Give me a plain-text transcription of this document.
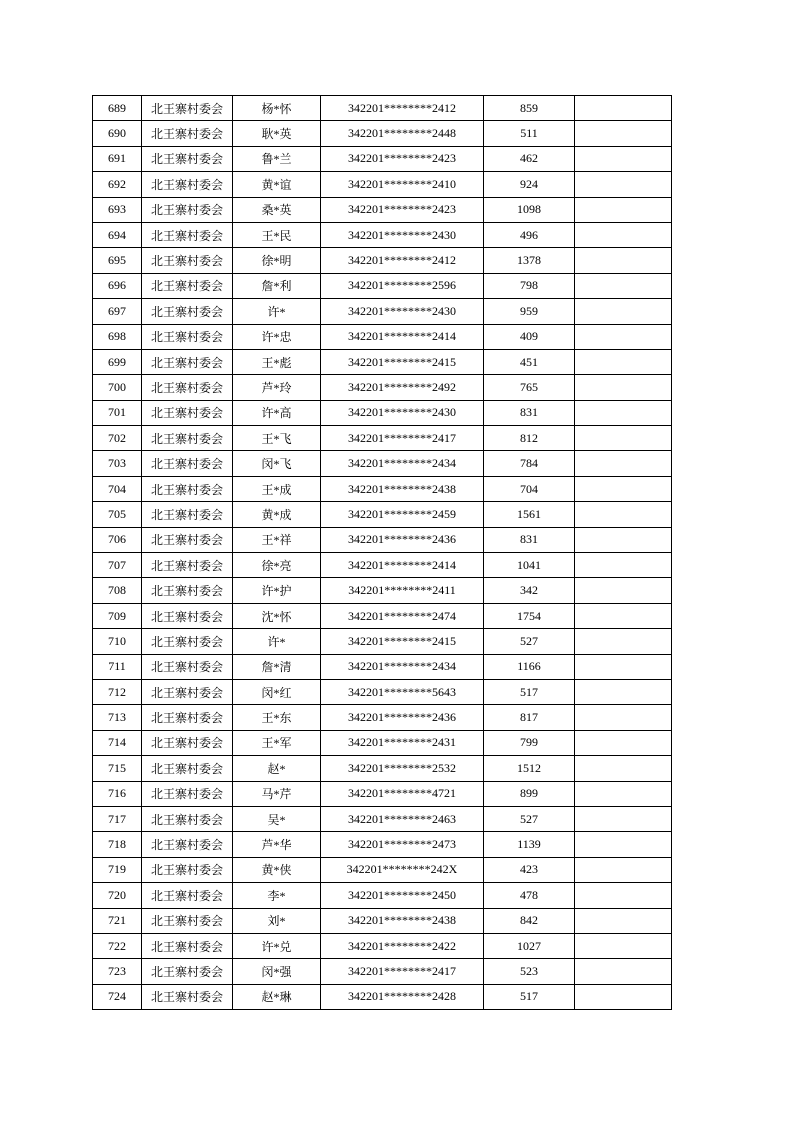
689	北王寨村委会	杨*怀	342201********2412	859	
690	北王寨村委会	耿*英	342201********2448	511	
691	北王寨村委会	鲁*兰	342201********2423	462	
692	北王寨村委会	黄*谊	342201********2410	924	
693	北王寨村委会	桑*英	342201********2423	1098	
694	北王寨村委会	王*民	342201********2430	496	
695	北王寨村委会	徐*明	342201********2412	1378	
696	北王寨村委会	詹*利	342201********2596	798	
697	北王寨村委会	许*	342201********2430	959	
698	北王寨村委会	许*忠	342201********2414	409	
699	北王寨村委会	王*彪	342201********2415	451	
700	北王寨村委会	芦*玲	342201********2492	765	
701	北王寨村委会	许*高	342201********2430	831	
702	北王寨村委会	王*飞	342201********2417	812	
703	北王寨村委会	闵*飞	342201********2434	784	
704	北王寨村委会	王*成	342201********2438	704	
705	北王寨村委会	黄*成	342201********2459	1561	
706	北王寨村委会	王*祥	342201********2436	831	
707	北王寨村委会	徐*亮	342201********2414	1041	
708	北王寨村委会	许*护	342201********2411	342	
709	北王寨村委会	沈*怀	342201********2474	1754	
710	北王寨村委会	许*	342201********2415	527	
711	北王寨村委会	詹*清	342201********2434	1166	
712	北王寨村委会	闵*红	342201********5643	517	
713	北王寨村委会	王*东	342201********2436	817	
714	北王寨村委会	王*军	342201********2431	799	
715	北王寨村委会	赵*	342201********2532	1512	
716	北王寨村委会	马*芹	342201********4721	899	
717	北王寨村委会	吴*	342201********2463	527	
718	北王寨村委会	芦*华	342201********2473	1139	
719	北王寨村委会	黄*侠	342201********242X	423	
720	北王寨村委会	李*	342201********2450	478	
721	北王寨村委会	刘*	342201********2438	842	
722	北王寨村委会	许*兑	342201********2422	1027	
723	北王寨村委会	闵*强	342201********2417	523	
724	北王寨村委会	赵*琳	342201********2428	517	
